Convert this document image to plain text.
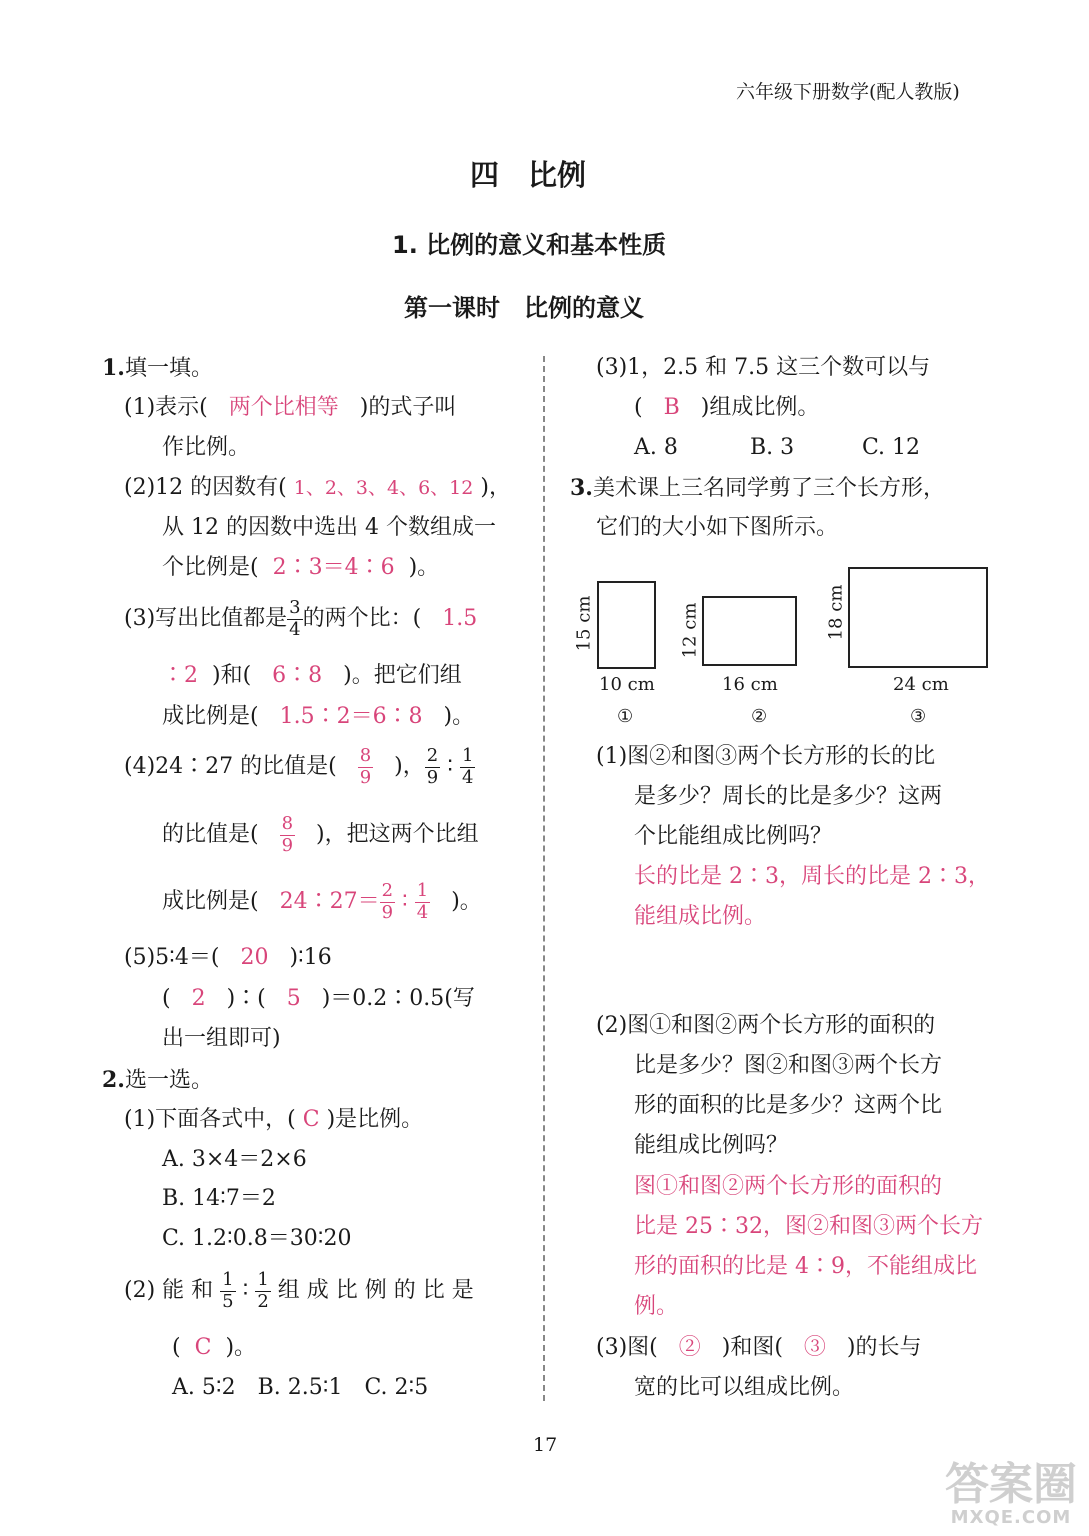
六年级下册数学(配人教版)
四　比例
1. 比例的意义和基本性质
第一课时　比例的意义
1.填一填。
(1)表示( 两个比相等 )的式子叫
作比例。
(2)12 的因数有( 1、2、3、4、6、12 )，
从 12 的因数中选出 4 个数组成一
个比例是( 2∶3＝4∶6 )。
(3)写出比值都是 $\frac{3}{4}$ 的两个比：( 1.5
∶2 )和( 6∶8 )。把它们组
成比例是( 1.5∶2＝6∶8 )。
(4)24∶27 的比值是( $\frac{8}{9}$ )， $\frac{2}{9}$ ∶ $\frac{1}{4}$
的比值是( $\frac{8}{9}$ )，把这两个比组
成比例是( 24∶27＝ $\frac{2}{9}$ ∶ $\frac{1}{4}$ )。
(5)5∶4＝( 20 )∶16
( 2 )∶( 5 )＝0.2∶0.5(写
出一组即可)
2.选一选。
(1)下面各式中，( C )是比例。
A. 3×4＝2×6
B. 14∶7＝2
C. 1.2∶0.8＝30∶20
(2) 能 和 $\frac{1}{5}$ ∶ $\frac{1}{2}$ 组 成 比 例 的 比 是
( C )。
A. 5∶2　B. 2.5∶1　C. 2∶5
(3)1，2.5 和 7.5 这三个数可以与
( B )组成比例。
A. 8	B. 3	C. 12
3.美术课上三名同学剪了三个长方形，
它们的大小如下图所示。
15 cm
10 cm
①
12 cm
16 cm
②
18 cm
24 cm
③
(1)图②和图③两个长方形的长的比
是多少？周长的比是多少？这两
个比能组成比例吗？
长的比是 2∶3，周长的比是 2∶3，
能组成比例。
(2)图①和图②两个长方形的面积的
比是多少？图②和图③两个长方
形的面积的比是多少？这两个比
能组成比例吗？
图①和图②两个长方形的面积的
比是 25∶32，图②和图③两个长方
形的面积的比是 4∶9，不能组成比
例。
(3)图( ② )和图( ③ )的长与
宽的比可以组成比例。
17
答案圈
MXQE.COM
